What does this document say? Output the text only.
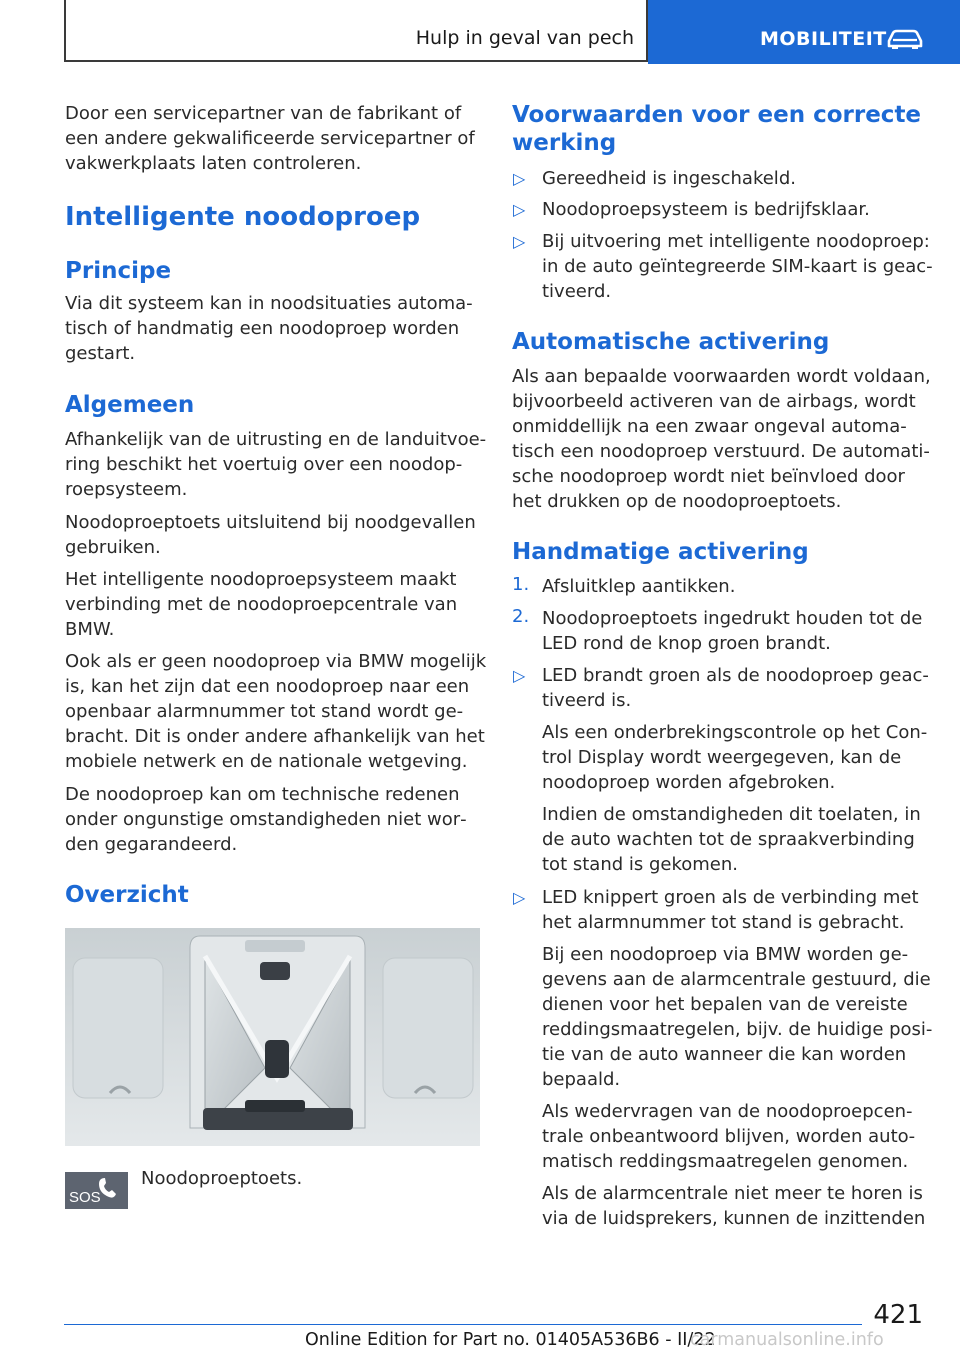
Hulp in geval van pech	MOBILITEIT

Door een servicepartner van de fabrikant of

een andere gekwalificeerde servicepartner of

vakwerkplaats laten controleren.

Intelligente noodoproep
Principe

Via dit systeem kan in noodsituaties automa‐

tisch of handmatig een noodoproep worden

gestart.

Algemeen

Afhankelijk van de uitrusting en de landuitvoe‐

ring beschikt het voertuig over een noodop‐

roepsysteem.

Noodoproeptoets uitsluitend bij noodgevallen

gebruiken.

Het intelligente noodoproepsysteem maakt

verbinding met de noodoproepcentrale van

BMW.

Ook als er geen noodoproep via BMW mogelijk

is, kan het zijn dat een noodoproep naar een

openbaar alarmnummer tot stand wordt ge‐

bracht. Dit is onder andere afhankelijk van het

mobiele netwerk en de nationale wetgeving.

De noodoproep kan om technische redenen

onder ongunstige omstandigheden niet wor‐

den gegarandeerd.

Overzicht
SOS

Noodoproeptoets.

Voorwaarden voor een correcte
werking
▷ Gereedheid is ingeschakeld.

▷ Noodoproepsysteem is bedrijfsklaar.

▷ Bij uitvoering met intelligente noodoproep:

in de auto geïntegreerde SIM-kaart is geac‐

tiveerd.

Automatische activering

Als aan bepaalde voorwaarden wordt voldaan,

bijvoorbeeld activeren van de airbags, wordt

onmiddellijk na een zwaar ongeval automa‐

tisch een noodoproep verstuurd. De automati‐

sche noodoproep wordt niet beïnvloed door

het drukken op de noodoproeptoets.

Handmatige activering
1. Afsluitklep aantikken.

2. Noodoproeptoets ingedrukt houden tot de

LED rond de knop groen brandt.

▷ LED brandt groen als de noodoproep geac‐

tiveerd is.

Als een onderbrekingscontrole op het Con‐

trol Display wordt weergegeven, kan de

noodoproep worden afgebroken.

Indien de omstandigheden dit toelaten, in

de auto wachten tot de spraakverbinding

tot stand is gekomen.

▷ LED knippert groen als de verbinding met

het alarmnummer tot stand is gebracht.

Bij een noodoproep via BMW worden ge‐

gevens aan de alarmcentrale gestuurd, die

dienen voor het bepalen van de vereiste

reddingsmaatregelen, bijv. de huidige posi‐

tie van de auto wanneer die kan worden

bepaald.

Als wedervragen van de noodoproepcen‐

trale onbeantwoord blijven, worden auto‐

matisch reddingsmaatregelen genomen.

Als de alarmcentrale niet meer te horen is

via de luidsprekers, kunnen de inzittenden

421
Online Edition for Part no. 01405A536B6 - II/22
carmanualsonline.info
